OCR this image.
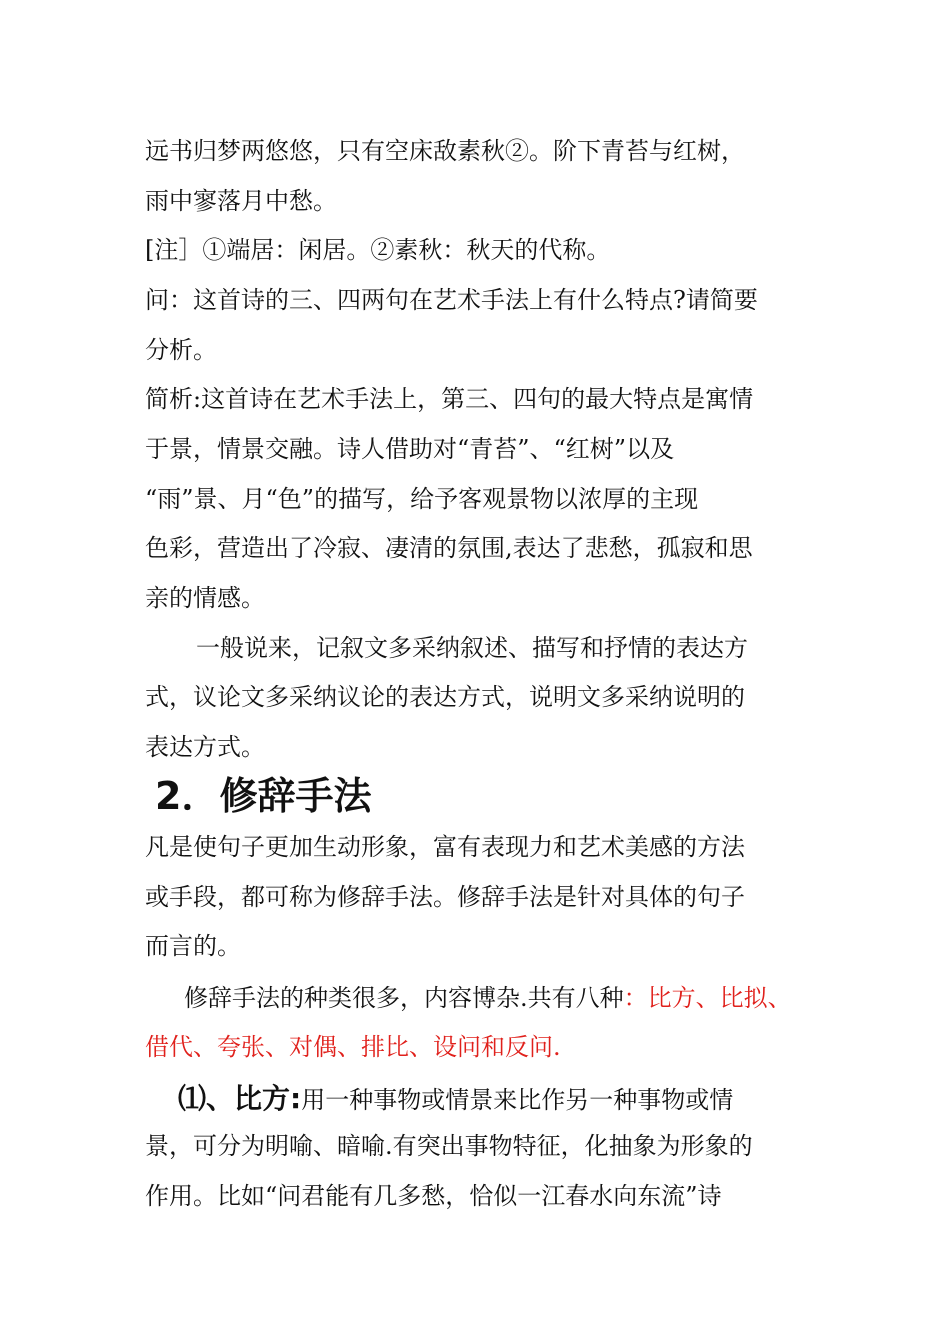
远书归梦两悠悠，只有空床敌素秋②。阶下青苔与红树，
雨中寥落月中愁。
[注］①端居：闲居。②素秋：秋天的代称。
问：这首诗的三、四两句在艺术手法上有什么特点?请简要
分析。
简析:这首诗在艺术手法上，第三、四句的最大特点是寓情
于景，情景交融。诗人借助对“青苔”、“红树”以及
“雨”景、月“色”的描写，给予客观景物以浓厚的主现
色彩，营造出了冷寂、凄清的氛围,表达了悲愁，孤寂和思
亲的情感。
一般说来，记叙文多采纳叙述、描写和抒情的表达方
式，议论文多采纳议论的表达方式，说明文多采纳说明的
表达方式。
2．修辞手法
凡是使句子更加生动形象，富有表现力和艺术美感的方法
或手段，都可称为修辞手法。修辞手法是针对具体的句子
而言的。
修辞手法的种类很多，内容博杂.共有八种：比方、比拟、
借代、夸张、对偶、排比、设问和反问.
⑴、比方:用一种事物或情景来比作另一种事物或情
景，可分为明喻、暗喻.有突出事物特征，化抽象为形象的
作用。比如“问君能有几多愁，恰似一江春水向东流”诗
